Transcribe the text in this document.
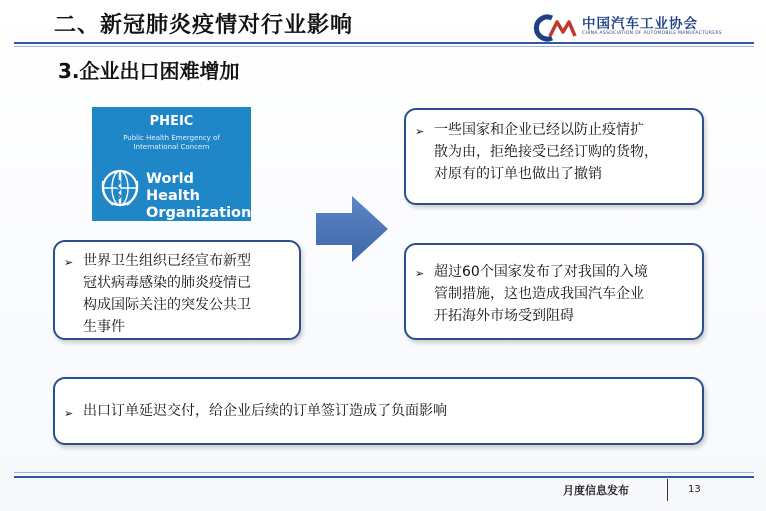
二、新冠肺炎疫情对行业影响	中国汽车工业协会
CHINA ASSOCIATION OF AUTOMOBILE MANUFACTURERS
3.企业出口困难增加
PHEIC
Public Health Emergency of
International Concern
World Health
Organization
➢ 世界卫生组织已经宣布新型
冠状病毒感染的肺炎疫情已
构成国际关注的突发公共卫
生事件
➢ 一些国家和企业已经以防止疫情扩
散为由，拒绝接受已经订购的货物，
对原有的订单也做出了撤销
➢ 超过60个国家发布了对我国的入境
管制措施，这也造成我国汽车企业
开拓海外市场受到阻碍
➢ 出口订单延迟交付，给企业后续的订单签订造成了负面影响
月度信息发布	13
